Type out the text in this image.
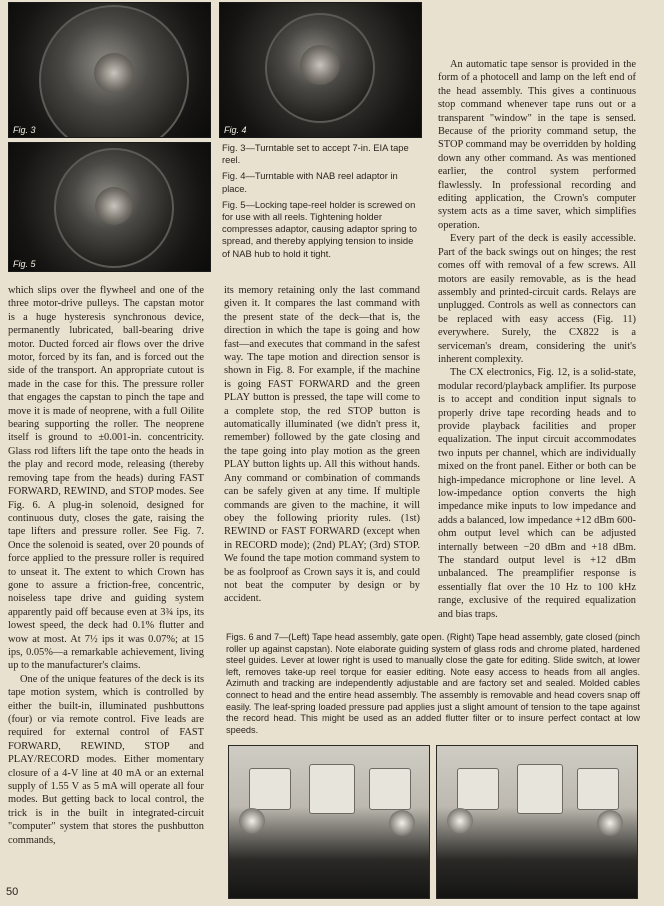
Fig. 3	Fig. 4
Fig. 5

Fig. 3—Turntable set to accept 7-in. EIA tape reel.

Fig. 4—Turntable with NAB reel adaptor in place.

Fig. 5—Locking tape-reel holder is screwed on for use with all reels. Tightening holder compresses adaptor, causing adaptor spring to spread, and thereby applying tension to inside of NAB hub to hold it tight.

which slips over the flywheel and one of the three motor-drive pulleys. The capstan motor is a huge hysteresis synchronous device, permanently lubricated, ball-bearing drive motor. Ducted forced air flows over the drive motor, forced by its fan, and is forced out the side of the transport. An appropriate cutout is made in the case for this. The pressure roller that engages the capstan to pinch the tape and move it is made of neoprene, with a full Oilite bearing supporting the roller. The neoprene itself is ground to ±0.001-in. concentricity. Glass rod lifters lift the tape onto the heads in the play and record mode, releasing (thereby removing tape from the heads) during FAST FORWARD, REWIND, and STOP modes. See Fig. 6. A plug-in solenoid, designed for continuous duty, closes the gate, raising the tape lifters and pressure roller. See Fig. 7. Once the solenoid is seated, over 20 pounds of force applied to the pressure roller is required to unseat it. The extent to which Crown has gone to assure a friction-free, concentric, noiseless tape drive and guiding system apparently paid off because even at 3¾ ips, its lowest speed, the deck had 0.1% flutter and wow at most. At 7½ ips it was 0.07%; at 15 ips, 0.05%—a remarkable achievement, living up to the manufacturer's claims.

One of the unique features of the deck is its tape motion system, which is controlled by either the built-in, illuminated pushbuttons (four) or via remote control. Five leads are required for external control of FAST FORWARD, REWIND, STOP and PLAY/RECORD modes. Either momentary closure of a 4-V line at 40 mA or an external supply of 1.55 V as 5 mA will operate all four modes. But getting back to local control, the trick is in the built in integrated-circuit "computer" system that stores the pushbutton commands,

its memory retaining only the last command given it. It compares the last command with the present state of the deck—that is, the direction in which the tape is going and how fast—and executes that command in the safest way. The tape motion and direction sensor is shown in Fig. 8. For example, if the machine is going FAST FORWARD and the green PLAY button is pressed, the tape will come to a complete stop, the red STOP button is automatically illuminated (we didn't press it, remember) followed by the gate closing and the tape going into play motion as the green PLAY button lights up. All this without hands. Any command or combination of commands can be safely given at any time. If multiple commands are given to the machine, it will obey the following priority rules. (1st) REWIND or FAST FORWARD (except when in RECORD mode); (2nd) PLAY; (3rd) STOP. We found the tape motion command system to be as foolproof as Crown says it is, and could not beat the computer by design or by accident.

An automatic tape sensor is provided in the form of a photocell and lamp on the left end of the head assembly. This gives a continuous stop command whenever tape runs out or a transparent "window" in the tape is sensed. Because of the priority command setup, the STOP command may be overridden by holding down any other command. As was mentioned earlier, the control system performed flawlessly. In professional recording and editing application, the Crown's computer system acts as a time saver, which simplifies operation.

Every part of the deck is easily accessible. Part of the back swings out on hinges; the rest comes off with removal of a few screws. All motors are easily removable, as is the head assembly and printed-circuit cards. Relays are unplugged. Controls as well as connectors can be replaced with easy access (Fig. 11) everywhere. Surely, the CX822 is a serviceman's dream, considering the unit's inherent complexity.

The CX electronics, Fig. 12, is a solid-state, modular record/playback amplifier. Its purpose is to accept and condition input signals to properly drive tape recording heads and to provide playback facilities and proper equalization. The input circuit accommodates two inputs per channel, which are individually mixed on the front panel. Either or both can be high-impedance microphone or line level. A low-impedance option converts the high impedance mike inputs to low impedance and adds a balanced, low impedance +12 dBm 600-ohm output level which can be adjusted internally between −20 dBm and +18 dBm. The standard output level is +12 dBm unbalanced. The preamplifier response is essentially flat over the 10 Hz to 100 kHz range, exclusive of the required equalization and bias traps.

Figs. 6 and 7—(Left) Tape head assembly, gate open. (Right) Tape head assembly, gate closed (pinch roller up against capstan). Note elaborate guiding system of glass rods and chrome plated, hardened steel guides. Lever at lower right is used to manually close the gate for editing. Slide switch, at lower left, removes take-up reel torque for easier editing. Note easy access to heads from all angles. Azimuth and tracking are independently adjustable and are factory set and sealed. Molded cables connect to head and the entire head assembly. The assembly is removable and head covers snap off easily. The leaf-spring loaded pressure pad applies just a slight amount of tension to the tape against the record head. This might be used as an added flutter filter or to insure perfect contact at low speeds.

50
